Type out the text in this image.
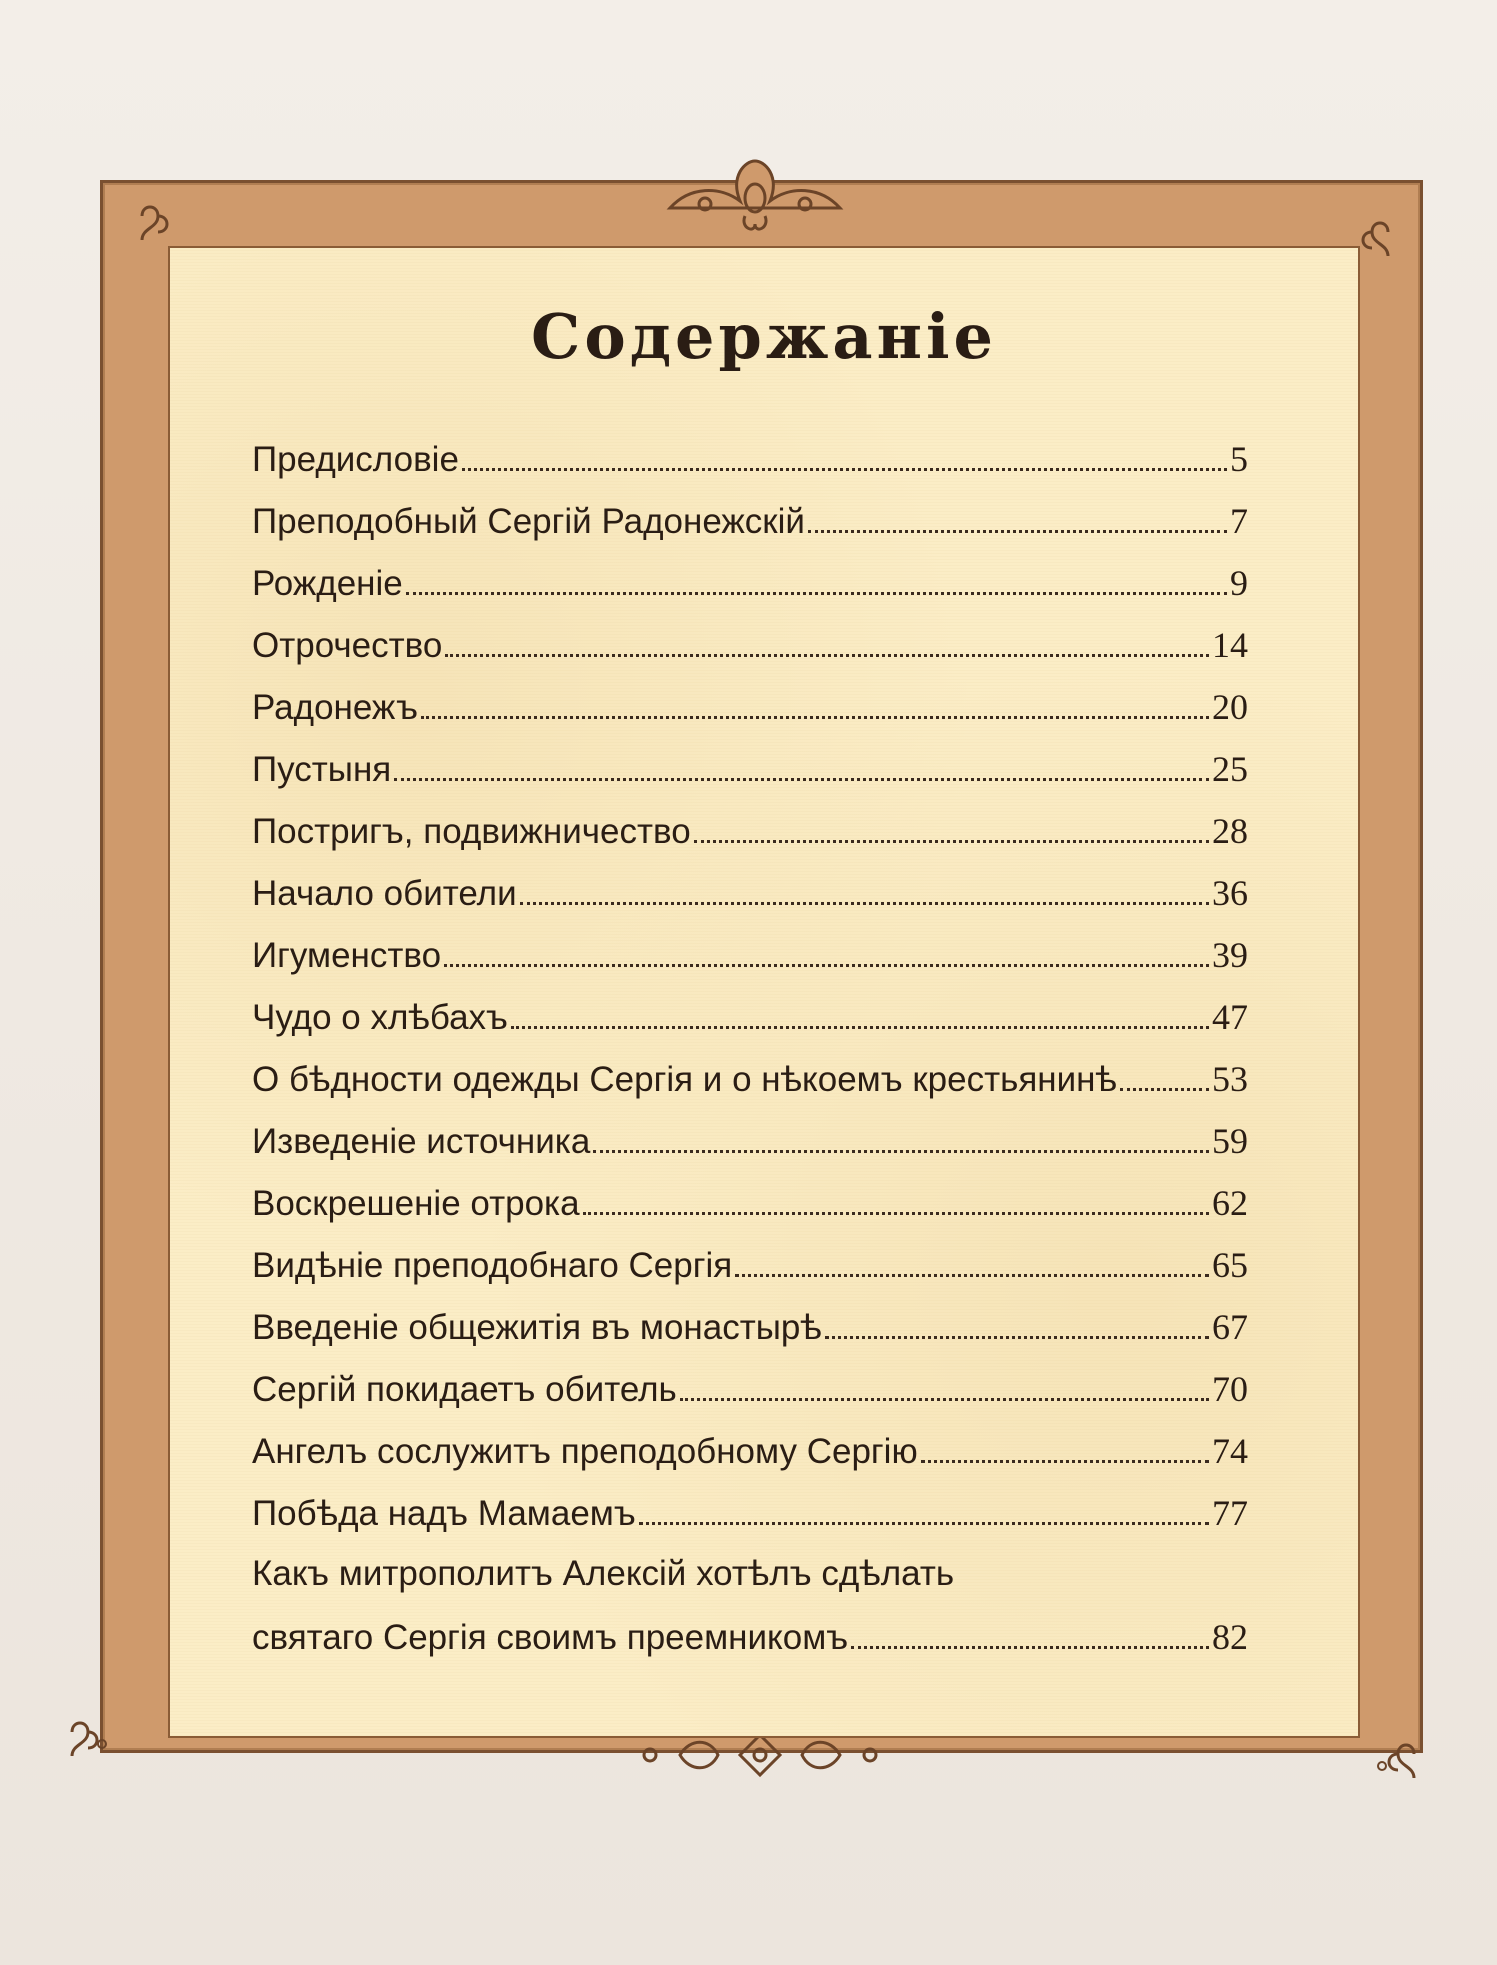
Содержаніе
Предисловіе	5
Преподобный Сергій Радонежскій	7
Рожденіе	9
Отрочество	14
Радонежъ	20
Пустыня	25
Постригъ, подвижничество	28
Начало обители	36
Игуменство	39
Чудо о хлѣбахъ	47
О бѣдности одежды Сергія и о нѣкоемъ крестьянинѣ	53
Изведеніе источника	59
Воскрешеніе отрока	62
Видѣніе преподобнаго Сергія	65
Введеніе общежитія въ монастырѣ	67
Сергій покидаетъ обитель	70
Ангелъ сослужитъ преподобному Сергію	74
Побѣда надъ Мамаемъ	77
Какъ митрополитъ Алексій хотѣлъ сдѣлать
святаго Сергія своимъ преемникомъ	82
